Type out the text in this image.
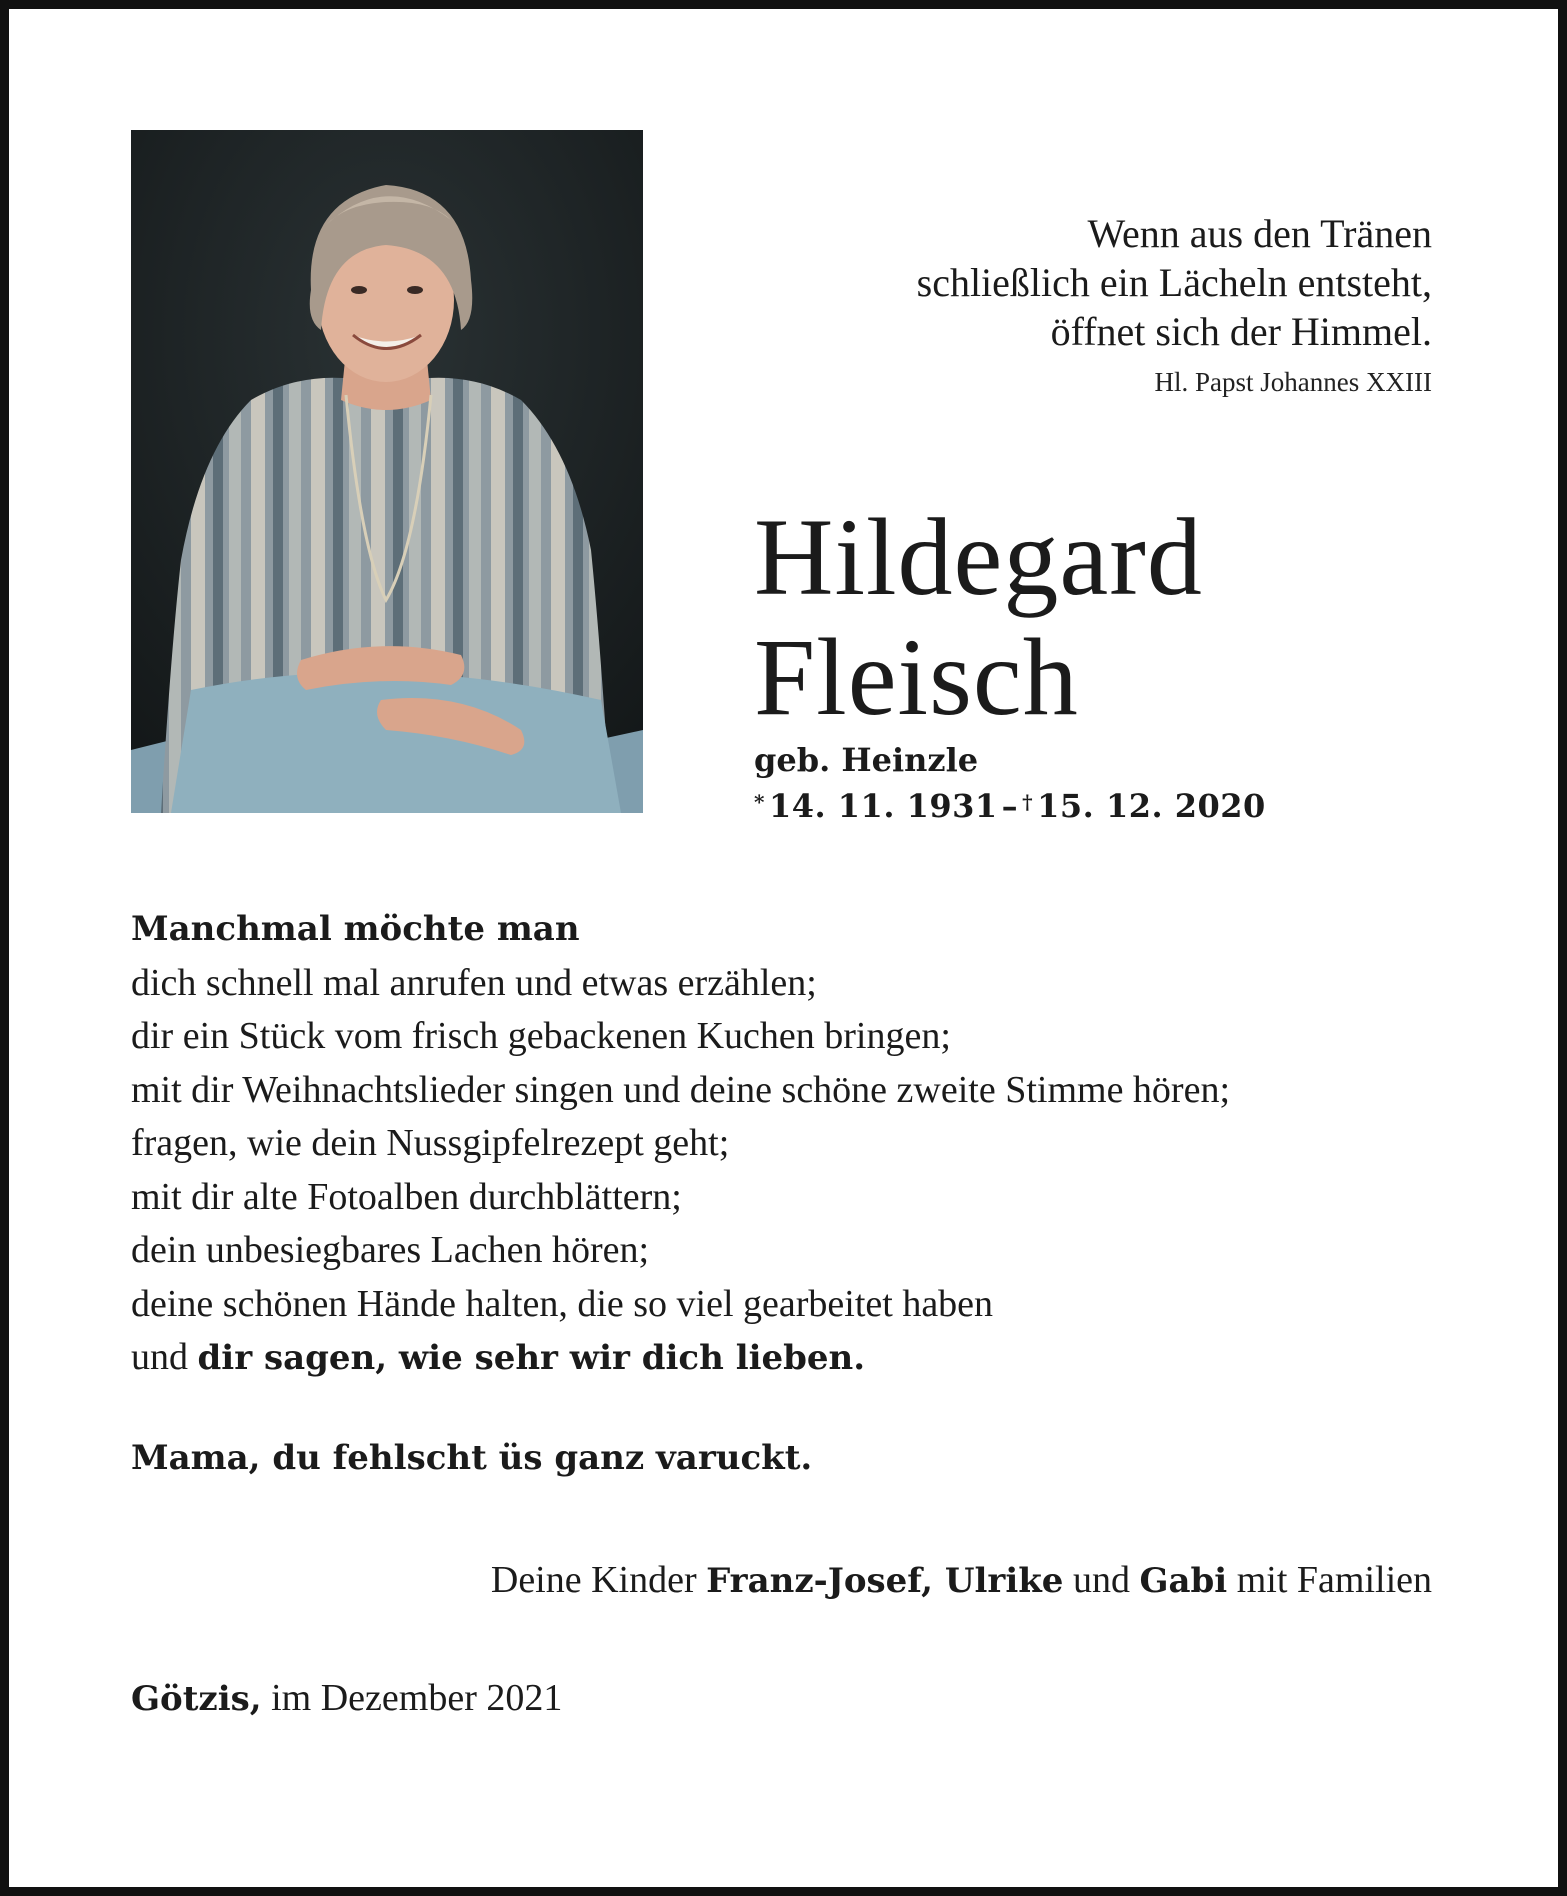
Wenn aus den Tränen
schließlich ein Lächeln entsteht,
öffnet sich der Himmel.
Hl. Papst Johannes XXIII
Hildegard
Fleisch
geb. Heinzle
* 14. 11. 1931 – † 15. 12. 2020
Manchmal möchte man
dich schnell mal anrufen und etwas erzählen;
dir ein Stück vom frisch gebackenen Kuchen bringen;
mit dir Weihnachtslieder singen und deine schöne zweite Stimme hören;
fragen, wie dein Nussgipfelrezept geht;
mit dir alte Fotoalben durchblättern;
dein unbesiegbares Lachen hören;
deine schönen Hände halten, die so viel gearbeitet haben
und dir sagen, wie sehr wir dich lieben.
Mama, du fehlscht üs ganz varuckt.
Deine Kinder Franz-Josef, Ulrike und Gabi mit Familien
Götzis, im Dezember 2021
